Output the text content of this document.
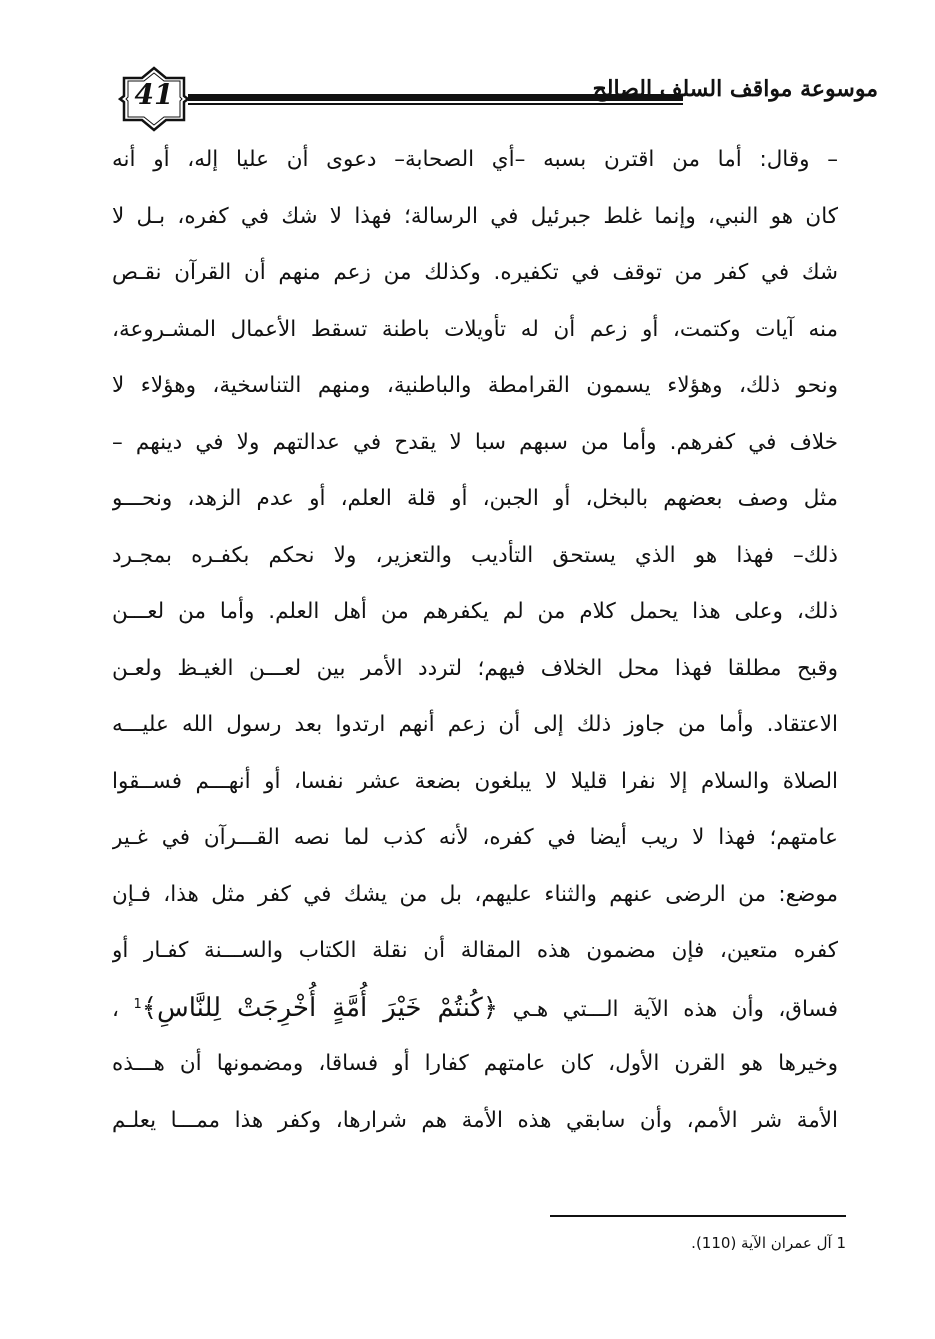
41	موسوعة مواقف السلف الصالح
– وقال: أما من اقترن بسبه –أي الصحابة– دعوى أن عليا إله، أو أنه
كان هو النبي، وإنما غلط جبرئيل في الرسالة؛ فهذا لا شك في كفره، بـل لا
شك في كفر من توقف في تكفيره. وكذلك من زعم منهم أن القرآن نقـص
منه آيات وكتمت، أو زعم أن له تأويلات باطنة تسقط الأعمال المشـروعة،
ونحو ذلك، وهؤلاء يسمون القرامطة والباطنية، ومنهم التناسخية، وهؤلاء لا
خلاف في كفرهم. وأما من سبهم سبا لا يقدح في عدالتهم ولا في دينهم –
مثل وصف بعضهم بالبخل، أو الجبن، أو قلة العلم، أو عدم الزهد، ونحـــو
ذلك– فهذا هو الذي يستحق التأديب والتعزير، ولا نحكم بكفـره بمجـرد
ذلك، وعلى هذا يحمل كلام من لم يكفرهم من أهل العلم. وأما من لعـــن
وقبح مطلقا فهذا محل الخلاف فيهم؛ لتردد الأمر بين لعـــن الغيـظ ولعـن
الاعتقاد. وأما من جاوز ذلك إلى أن زعم أنهم ارتدوا بعد رسول الله عليـــه
الصلاة والسلام إلا نفرا قليلا لا يبلغون بضعة عشر نفسا، أو أنهـــم فســقوا
عامتهم؛ فهذا لا ريب أيضا في كفره، لأنه كذب لما نصه القـــرآن في غـير
موضع: من الرضى عنهم والثناء عليهم، بل من يشك في كفر مثل هذا، فـإن
كفره متعين، فإن مضمون هذه المقالة أن نقلة الكتاب والســـنة كفـار أو
فساق، وأن هذه الآية الـــتي هـي ﴿كُنتُمْ خَيْرَ أُمَّةٍ أُخْرِجَتْ لِلنَّاسِ﴾$^1$ ،
وخيرها هو القرن الأول، كان عامتهم كفارا أو فساقا، ومضمونها أن هـــذه
الأمة شر الأمم، وأن سابقي هذه الأمة هم شرارها، وكفر هذا ممـــا يعلـم
1 آل عمران الآية (110).
